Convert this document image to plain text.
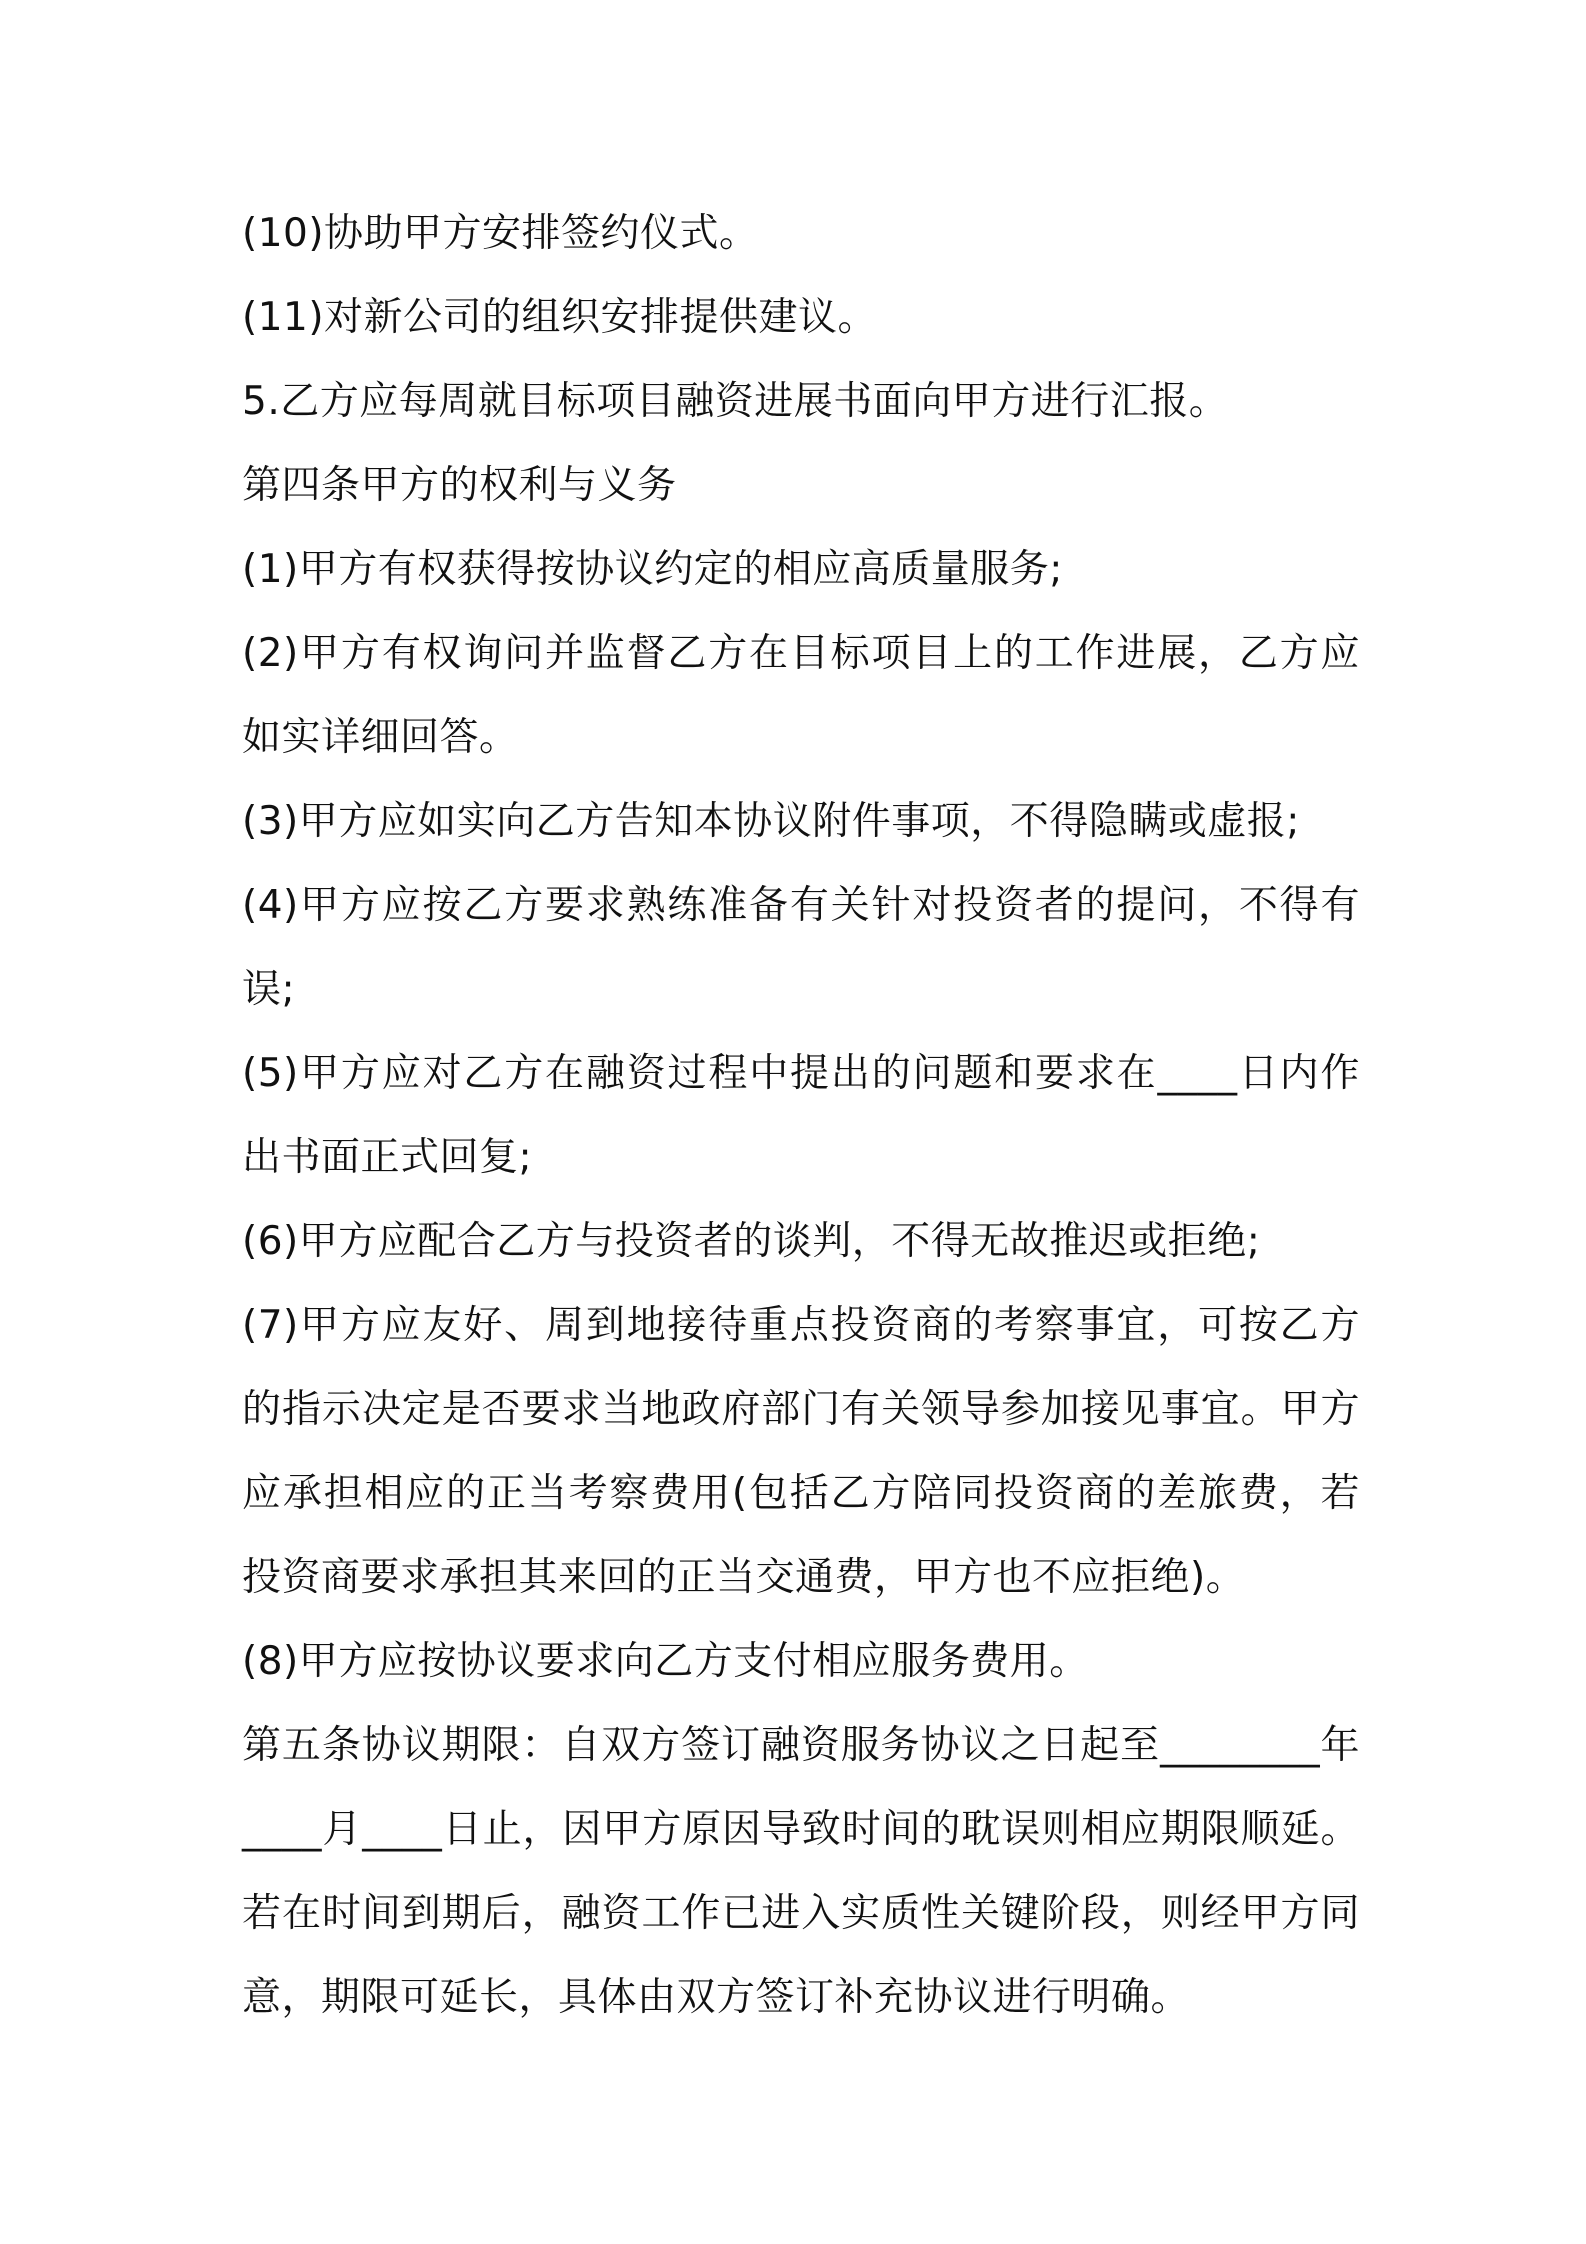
(10)协助甲方安排签约仪式。

(11)对新公司的组织安排提供建议。

5.乙方应每周就目标项目融资进展书面向甲方进行汇报。

第四条甲方的权利与义务

(1)甲方有权获得按协议约定的相应高质量服务;

(2)甲方有权询问并监督乙方在目标项目上的工作进展，乙方应如实详细回答。

(3)甲方应如实向乙方告知本协议附件事项，不得隐瞒或虚报;

(4)甲方应按乙方要求熟练准备有关针对投资者的提问，不得有误;

(5)甲方应对乙方在融资过程中提出的问题和要求在____日内作出书面正式回复;

(6)甲方应配合乙方与投资者的谈判，不得无故推迟或拒绝;

(7)甲方应友好、周到地接待重点投资商的考察事宜，可按乙方的指示决定是否要求当地政府部门有关领导参加接见事宜。甲方应承担相应的正当考察费用(包括乙方陪同投资商的差旅费，若投资商要求承担其来回的正当交通费，甲方也不应拒绝)。

(8)甲方应按协议要求向乙方支付相应服务费用。

第五条协议期限：自双方签订融资服务协议之日起至________年____月____日止，因甲方原因导致时间的耽误则相应期限顺延。若在时间到期后，融资工作已进入实质性关键阶段，则经甲方同意，期限可延长，具体由双方签订补充协议进行明确。
